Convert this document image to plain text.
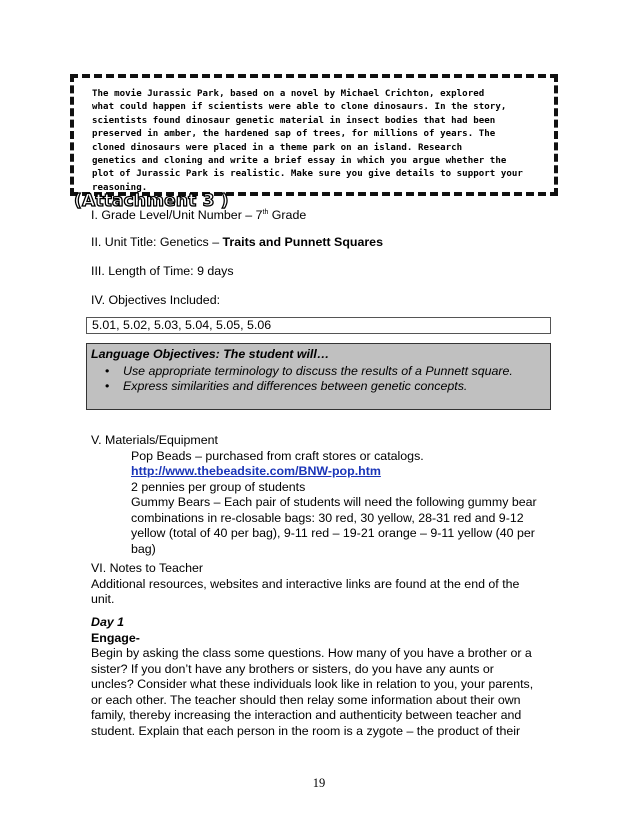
The movie Jurassic Park, based on a novel by Michael Crichton, explored
what could happen if scientists were able to clone dinosaurs. In the story,
scientists found dinosaur genetic material in insect bodies that had been
preserved in amber, the hardened sap of trees, for millions of years. The
cloned dinosaurs were placed in a theme park on an island. Research
genetics and cloning and write a brief essay in which you argue whether the
plot of Jurassic Park is realistic. Make sure you give details to support your
reasoning.
(Attachment 3 )
I. Grade Level/Unit Number – 7th Grade
II. Unit Title: Genetics – Traits and Punnett Squares
III. Length of Time: 9 days
IV. Objectives Included:
5.01, 5.02, 5.03, 5.04, 5.05, 5.06
Language Objectives: The student will…
• Use appropriate terminology to discuss the results of a Punnett square.
• Express similarities and differences between genetic concepts.
V. Materials/Equipment
Pop Beads – purchased from craft stores or catalogs.
http://www.thebeadsite.com/BNW-pop.htm
2 pennies per group of students
Gummy Bears – Each pair of students will need the following gummy bear
combinations in re-closable bags: 30 red, 30 yellow, 28-31 red and 9-12
yellow (total of 40 per bag), 9-11 red – 19-21 orange – 9-11 yellow (40 per
bag)
VI. Notes to Teacher
Additional resources, websites and interactive links are found at the end of the
unit.
Day 1
Engage-
Begin by asking the class some questions. How many of you have a brother or a
sister? If you don’t have any brothers or sisters, do you have any aunts or
uncles? Consider what these individuals look like in relation to you, your parents,
or each other. The teacher should then relay some information about their own
family, thereby increasing the interaction and authenticity between teacher and
student. Explain that each person in the room is a zygote – the product of their
19
